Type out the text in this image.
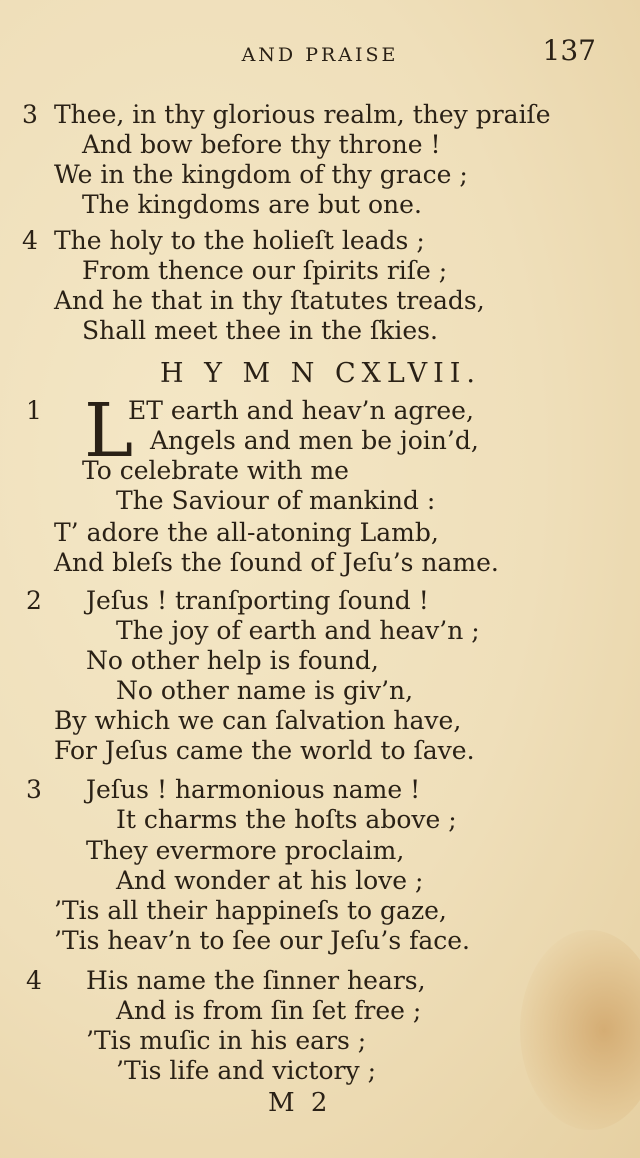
AND PRAISE	137
3 Thee, in thy glorious realm, they praiſe
And bow before thy throne !
We in the kingdom of thy grace ;
The kingdoms are but one.
4 The holy to the holieſt leads ;
From thence our ſpirits riſe ;
And he that in thy ſtatutes treads,
Shall meet thee in the ſkies.
H Y M N CXLVII.
1 L
ET earth and heav’n agree,
Angels and men be join’d,
To celebrate with me
The Saviour of mankind :
T’ adore the all-atoning Lamb,
And bleſs the ſound of Jeſu’s name.
2 Jeſus ! tranſporting ſound !
The joy of earth and heav’n ;
No other help is found,
No other name is giv’n,
By which we can ſalvation have,
For Jeſus came the world to ſave.
3 Jeſus ! harmonious name !
It charms the hoſts above ;
They evermore proclaim,
And wonder at his love ;
’Tis all their happineſs to gaze,
’Tis heav’n to ſee our Jeſu’s face.
4 His name the ſinner hears,
And is from ſin ſet free ;
’Tis muſic in his ears ;
’Tis life and victory ;
M 2
